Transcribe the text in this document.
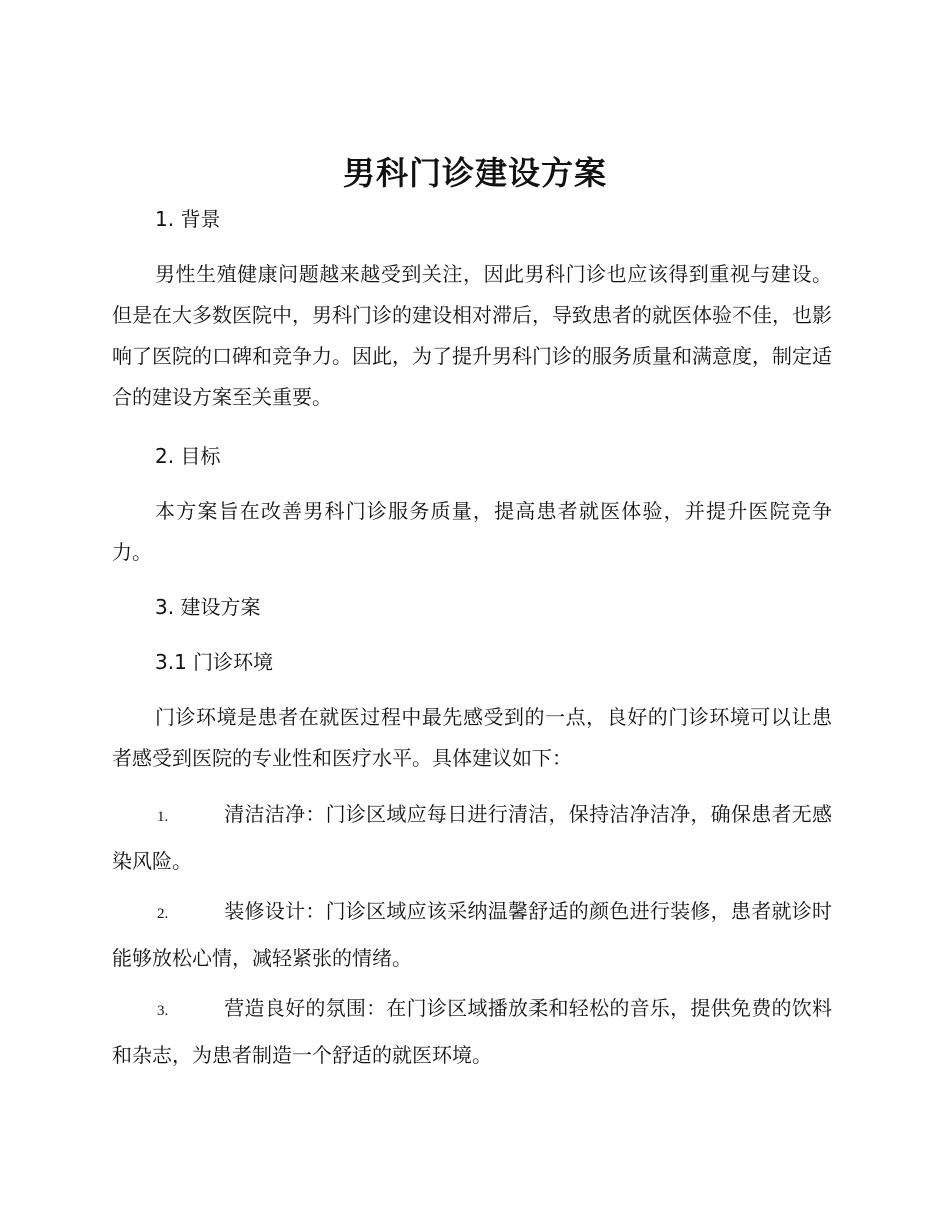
男科门诊建设方案
1. 背景

男性生殖健康问题越来越受到关注，因此男科门诊也应该得到重视与建设。但是在大多数医院中，男科门诊的建设相对滞后，导致患者的就医体验不佳，也影响了医院的口碑和竞争力。因此，为了提升男科门诊的服务质量和满意度，制定适合的建设方案至关重要。

2. 目标

本方案旨在改善男科门诊服务质量，提高患者就医体验，并提升医院竞争力。

3. 建设方案
3.1 门诊环境

门诊环境是患者在就医过程中最先感受到的一点，良好的门诊环境可以让患者感受到医院的专业性和医疗水平。具体建议如下：

1.	清洁洁净：门诊区域应每日进行清洁，保持洁净洁净，确保患者无感染风险。

2.	装修设计：门诊区域应该采纳温馨舒适的颜色进行装修，患者就诊时能够放松心情，减轻紧张的情绪。

3.	营造良好的氛围：在门诊区域播放柔和轻松的音乐，提供免费的饮料和杂志，为患者制造一个舒适的就医环境。
